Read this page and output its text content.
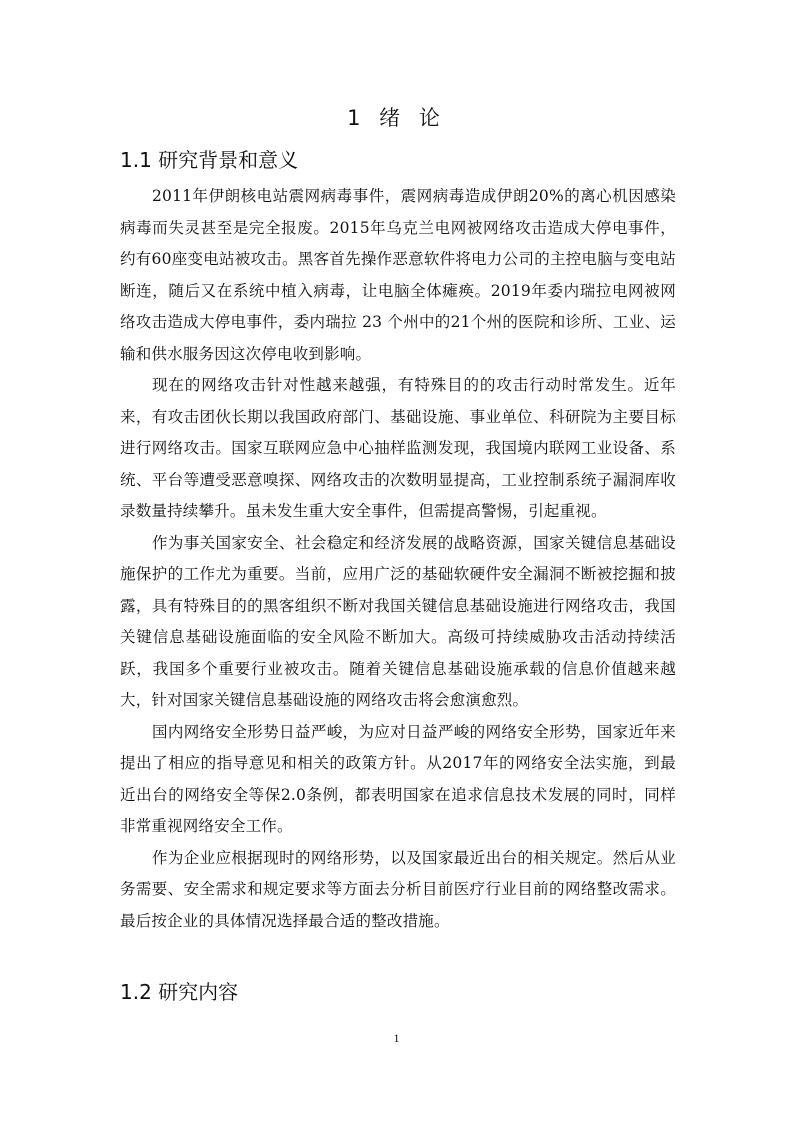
1 绪 论
1.1 研究背景和意义

2011年伊朗核电站震网病毒事件，震网病毒造成伊朗20%的离心机因感染病毒而失灵甚至是完全报废。2015年乌克兰电网被网络攻击造成大停电事件，约有60座变电站被攻击。黑客首先操作恶意软件将电力公司的主控电脑与变电站断连，随后又在系统中植入病毒，让电脑全体瘫痪。2019年委内瑞拉电网被网络攻击造成大停电事件，委内瑞拉 23 个州中的21个州的医院和诊所、工业、运输和供水服务因这次停电收到影响。

现在的网络攻击针对性越来越强，有特殊目的的攻击行动时常发生。近年来，有攻击团伙长期以我国政府部门、基础设施、事业单位、科研院为主要目标进行网络攻击。国家互联网应急中心抽样监测发现，我国境内联网工业设备、系统、平台等遭受恶意嗅探、网络攻击的次数明显提高，工业控制系统子漏洞库收录数量持续攀升。虽未发生重大安全事件，但需提高警惕，引起重视。

作为事关国家安全、社会稳定和经济发展的战略资源，国家关键信息基础设施保护的工作尤为重要。当前，应用广泛的基础软硬件安全漏洞不断被挖掘和披露，具有特殊目的的黑客组织不断对我国关键信息基础设施进行网络攻击，我国关键信息基础设施面临的安全风险不断加大。高级可持续威胁攻击活动持续活跃，我国多个重要行业被攻击。随着关键信息基础设施承载的信息价值越来越大，针对国家关键信息基础设施的网络攻击将会愈演愈烈。

国内网络安全形势日益严峻，为应对日益严峻的网络安全形势，国家近年来提出了相应的指导意见和相关的政策方针。从2017年的网络安全法实施，到最近出台的网络安全等保2.0条例，都表明国家在追求信息技术发展的同时，同样非常重视网络安全工作。

作为企业应根据现时的网络形势，以及国家最近出台的相关规定。然后从业务需要、安全需求和规定要求等方面去分析目前医疗行业目前的网络整改需求。最后按企业的具体情况选择最合适的整改措施。

1.2 研究内容
1
